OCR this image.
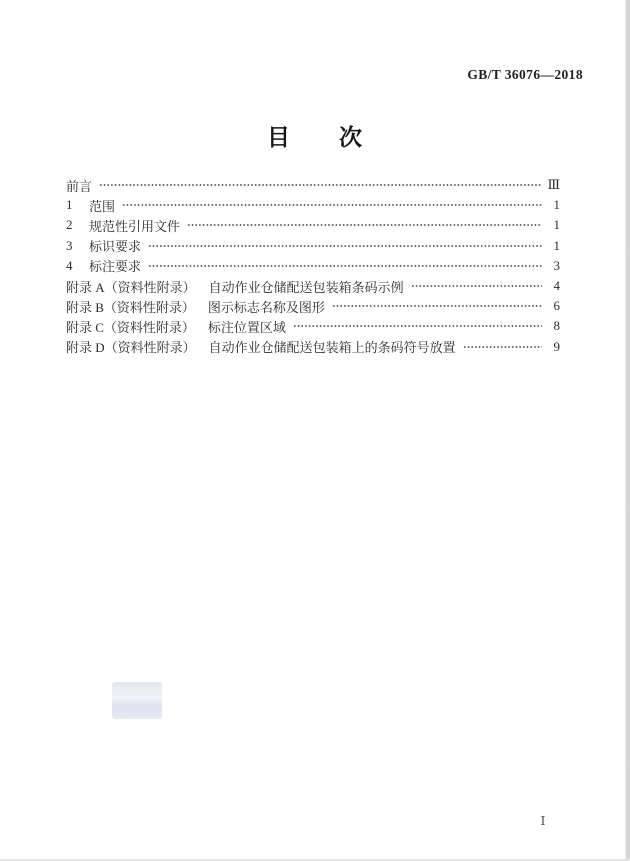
GB/T 36076—2018
目　　次
前言	Ⅲ
1	范围	1
2	规范性引用文件	1
3	标识要求	1
4	标注要求	3
附录 A（资料性附录） 自动作业仓储配送包装箱条码示例	4
附录 B（资料性附录） 图示标志名称及图形	6
附录 C（资料性附录） 标注位置区域	8
附录 D（资料性附录） 自动作业仓储配送包装箱上的条码符号放置	9
Ⅰ
